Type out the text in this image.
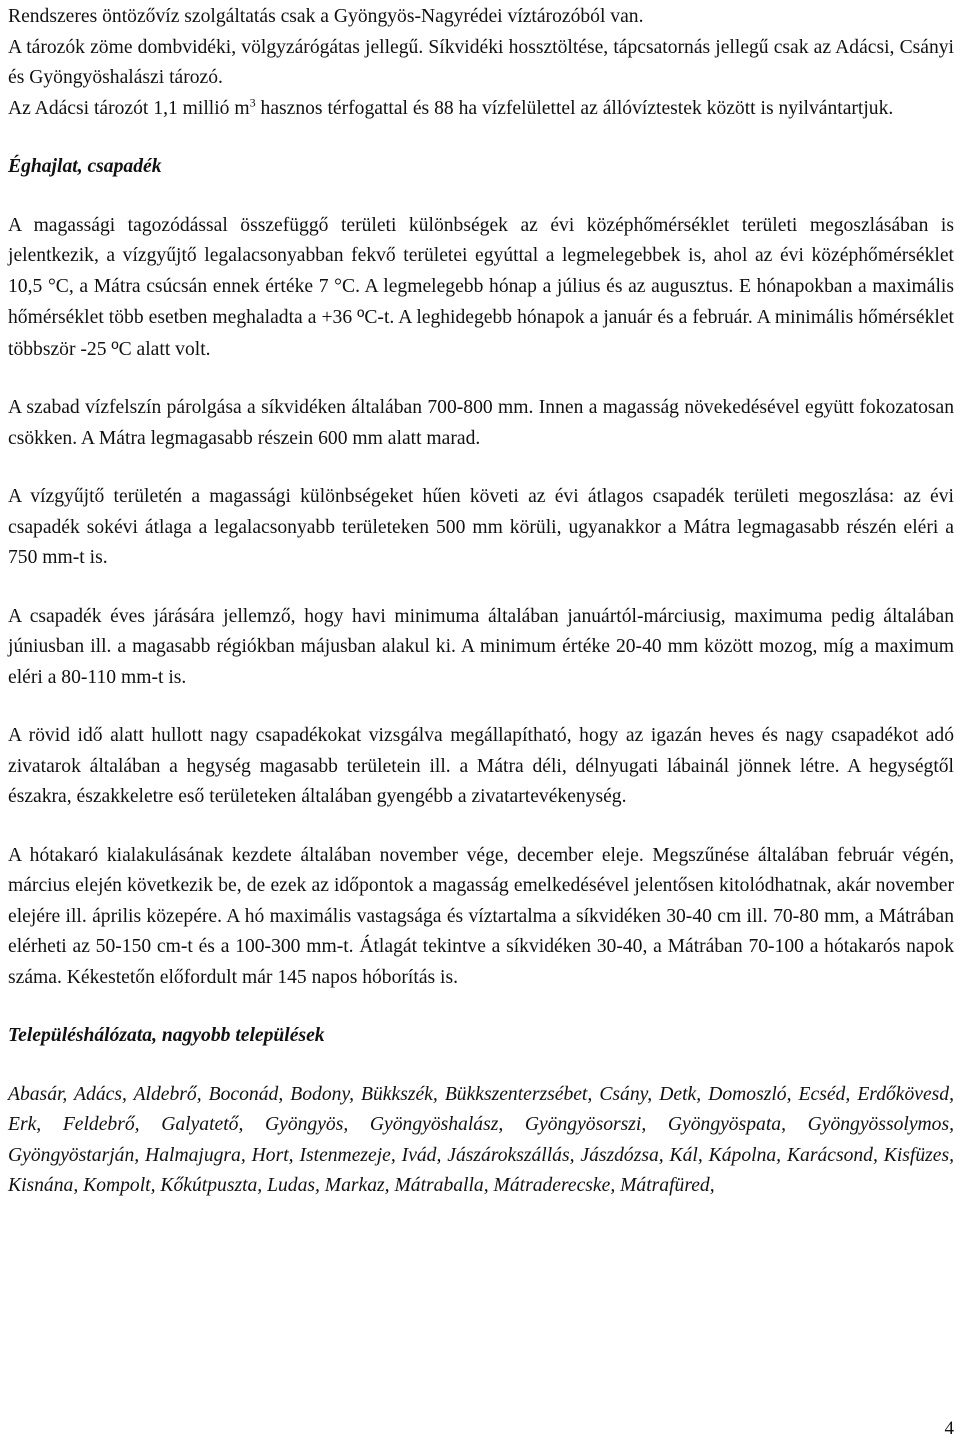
Rendszeres öntözővíz szolgáltatás csak a Gyöngyös-Nagyrédei víztározóból van.
A tározók zöme dombvidéki, völgyzárógátas jellegű. Síkvidéki hossztöltése, tápcsatornás jellegű csak az Adácsi, Csányi és Gyöngyöshalászi tározó.
Az Adácsi tározót 1,1 millió $m^3$ hasznos térfogattal és 88 ha vízfelülettel az állóvíztestek között is nyilvántartjuk.

Éghajlat, csapadék

A magassági tagozódással összefüggő területi különbségek az évi középhőmérséklet területi megoszlásában is jelentkezik, a vízgyűjtő legalacsonyabban fekvő területei egyúttal a legmelegebbek is, ahol az évi középhőmérséklet 10,5 °C, a Mátra csúcsán ennek értéke 7 °C. A legmelegebb hónap a július és az augusztus. E hónapokban a maximális hőmérséklet több esetben meghaladta a +36 ºC-t. A leghidegebb hónapok a január és a február. A minimális hőmérséklet többször -25 ºC alatt volt.

A szabad vízfelszín párolgása a síkvidéken általában 700-800 mm. Innen a magasság növekedésével együtt fokozatosan csökken. A Mátra legmagasabb részein 600 mm alatt marad.

A vízgyűjtő területén a magassági különbségeket hűen követi az évi átlagos csapadék területi megoszlása: az évi csapadék sokévi átlaga a legalacsonyabb területeken 500 mm körüli, ugyanakkor a Mátra legmagasabb részén eléri a 750 mm-t is.

A csapadék éves járására jellemző, hogy havi minimuma általában januártól-márciusig, maximuma pedig általában júniusban ill. a magasabb régiókban májusban alakul ki. A minimum értéke 20-40 mm között mozog, míg a maximum eléri a 80-110 mm-t is.

A rövid idő alatt hullott nagy csapadékokat vizsgálva megállapítható, hogy az igazán heves és nagy csapadékot adó zivatarok általában a hegység magasabb területein ill. a Mátra déli, délnyugati lábainál jönnek létre. A hegységtől északra, északkeletre eső területeken általában gyengébb a zivatartevékenység.

A hótakaró kialakulásának kezdete általában november vége, december eleje. Megszűnése általában február végén, március elején következik be, de ezek az időpontok a magasság emelkedésével jelentősen kitolódhatnak, akár november elejére ill. április közepére. A hó maximális vastagsága és víztartalma a síkvidéken 30-40 cm ill. 70-80 mm, a Mátrában elérheti az 50-150 cm-t és a 100-300 mm-t. Átlagát tekintve a síkvidéken 30-40, a Mátrában 70-100 a hótakarós napok száma. Kékestetőn előfordult már 145 napos hóborítás is.

Településhálózata, nagyobb települések

Abasár, Adács, Aldebrő, Boconád, Bodony, Bükkszék, Bükkszenterzsébet, Csány, Detk, Domoszló, Ecséd, Erdőkövesd, Erk, Feldebrő, Galyatető, Gyöngyös, Gyöngyöshalász, Gyöngyösorszi, Gyöngyöspata, Gyöngyössolymos, Gyöngyöstarján, Halmajugra, Hort, Istenmezeje, Ivád, Jászárokszállás, Jászdózsa, Kál, Kápolna, Karácsond, Kisfüzes, Kisnána, Kompolt, Kőkútpuszta, Ludas, Markaz, Mátraballa, Mátraderecske, Mátrafüred,

4
